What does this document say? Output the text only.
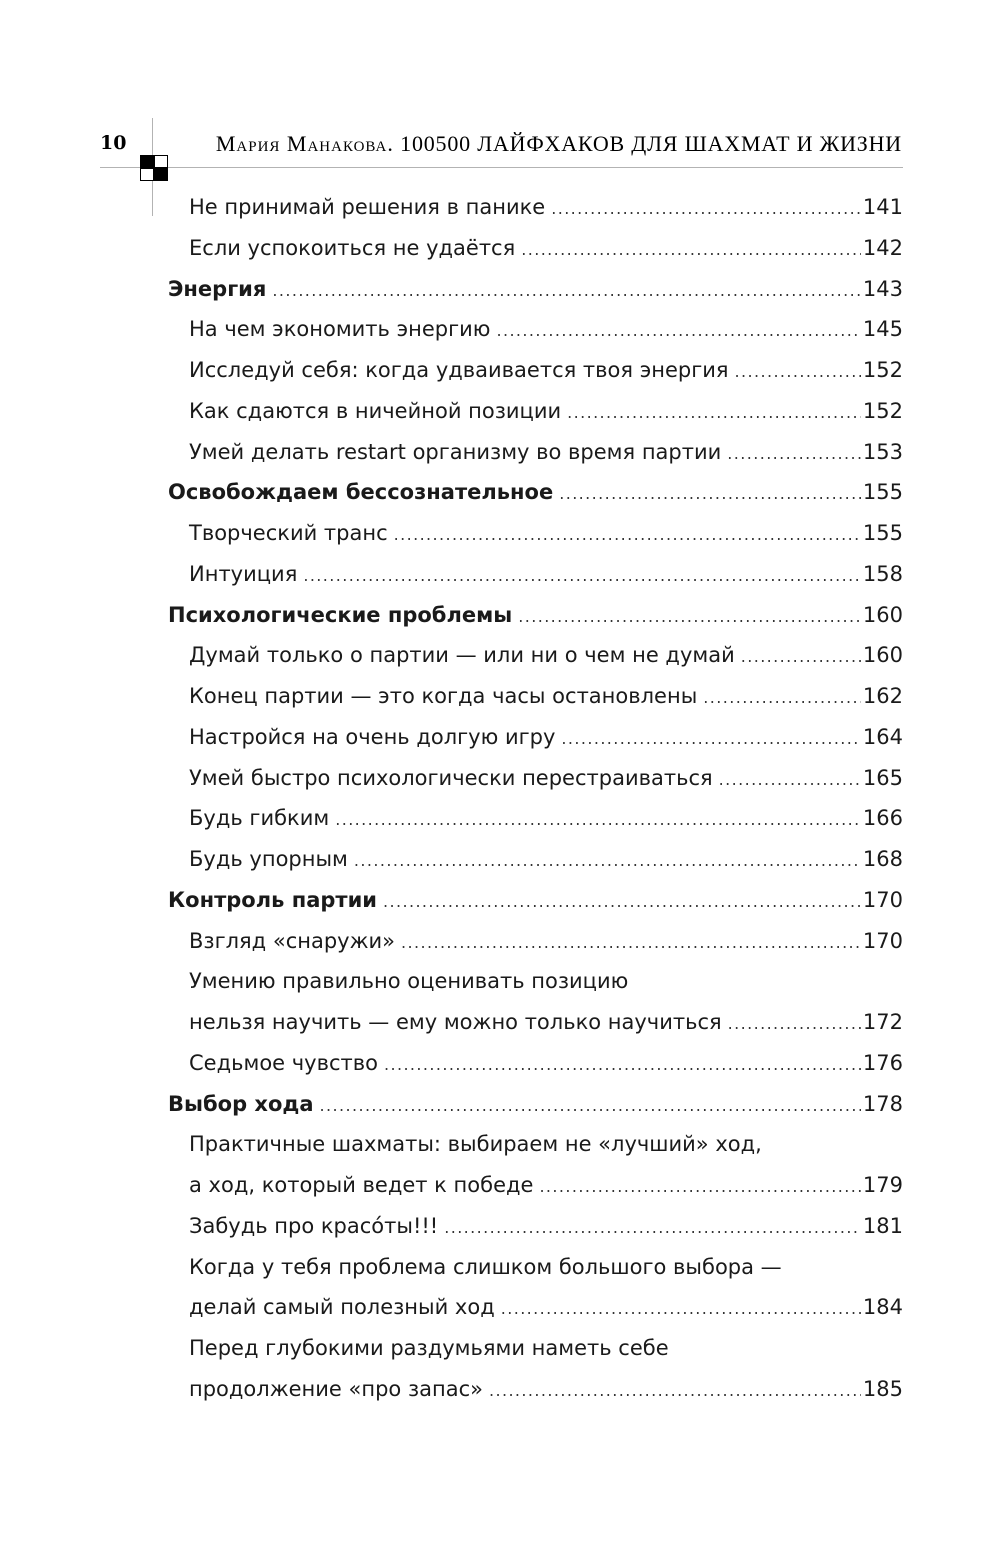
10	Мария Манакова. 100500 ЛАЙФХАКОВ ДЛЯ ШАХМАТ И ЖИЗНИ
Не принимай решения в панике .....	141
Если успокоиться не удаётся .....	142
Энергия .....	143
На чем экономить энергию .....	145
Исследуй себя: когда удваивается твоя энергия .....	152
Как сдаются в ничейной позиции .....	152
Умей делать restart организму во время партии .....	153
Освобождаем бессознательное .....	155
Творческий транс .....	155
Интуиция .....	158
Психологические проблемы .....	160
Думай только о партии — или ни о чем не думай .....	160
Конец партии — это когда часы остановлены .....	162
Настройся на очень долгую игру .....	164
Умей быстро психологически перестраиваться .....	165
Будь гибким .....	166
Будь упорным .....	168
Контроль партии .....	170
Взгляд «снаружи» .....	170
Умению правильно оценивать позицию
нельзя научить — ему можно только научиться .....	172
Седьмое чувство .....	176
Выбор хода .....	178
Практичные шахматы: выбираем не «лучший» ход,
а ход, который ведет к победе .....	179
Забудь про красóты!!! .....	181
Когда у тебя проблема слишком большого выбора —
делай самый полезный ход .....	184
Перед глубокими раздумьями наметь себе
продолжение «про запас» .....	185
